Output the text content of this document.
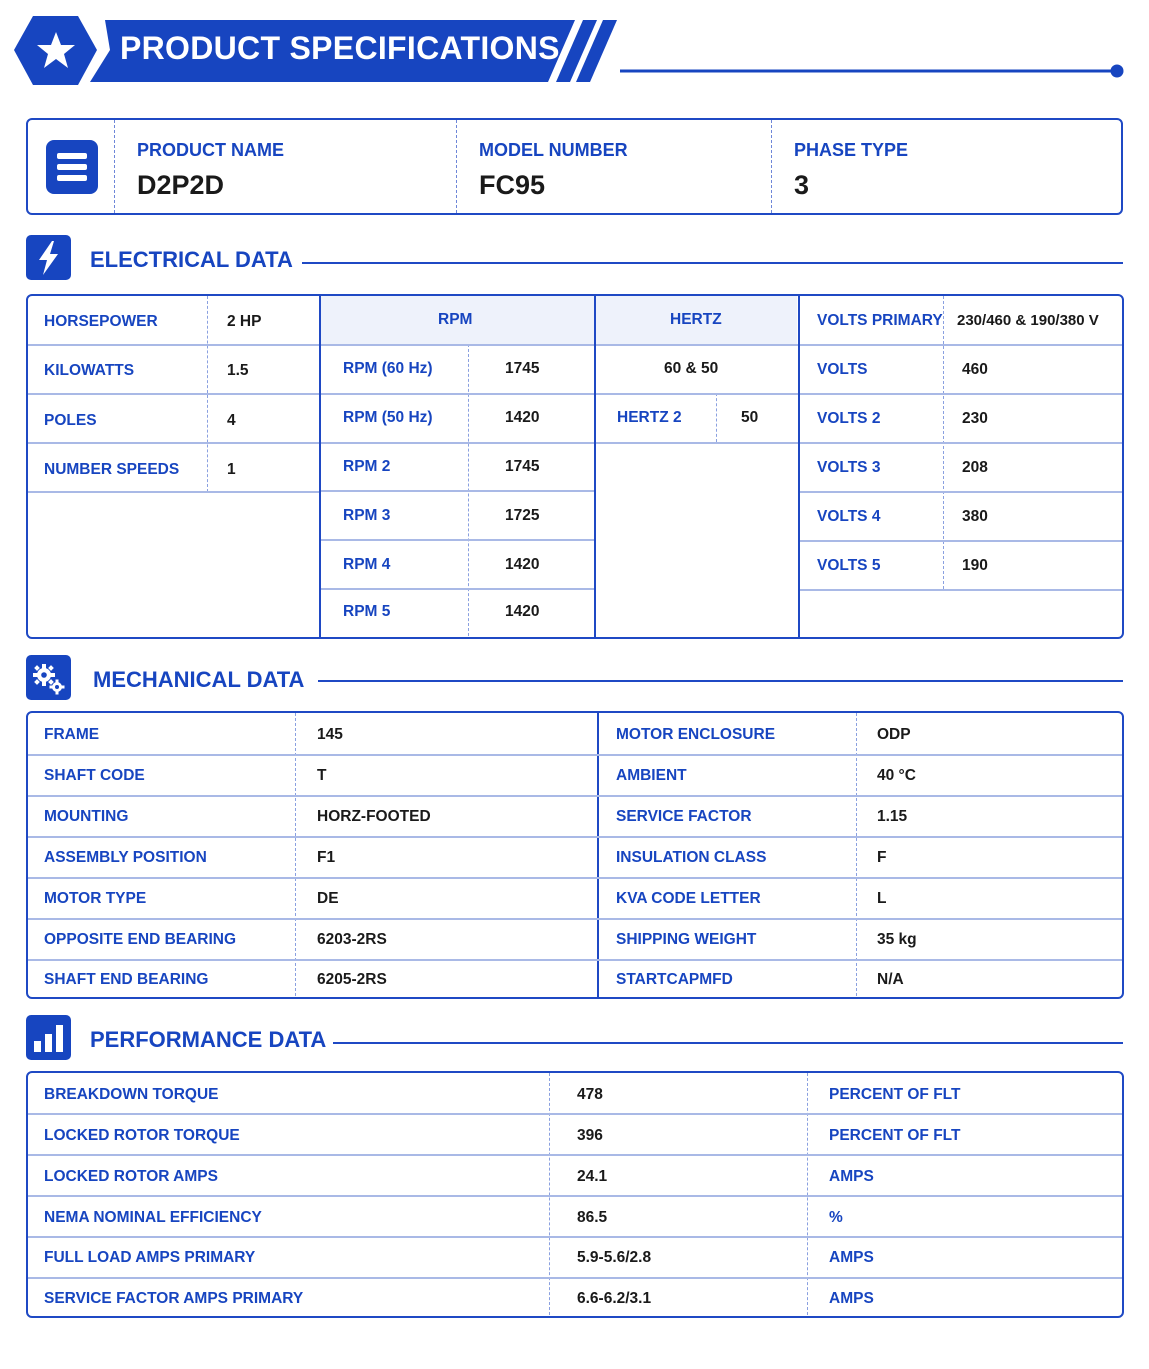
PRODUCT SPECIFICATIONS
PRODUCT NAME
D2P2D
MODEL NUMBER
FC95
PHASE TYPE
3
ELECTRICAL DATA
HORSEPOWER	2 HP
KILOWATTS	1.5
POLES	4
NUMBER SPEEDS	1
RPM
RPM (60 Hz)	1745
RPM (50 Hz)	1420
RPM 2	1745
RPM 3	1725
RPM 4	1420
RPM 5	1420
HERTZ
60 & 50
HERTZ 2	50
VOLTS PRIMARY 230/460 & 190/380 V
VOLTS	460
VOLTS 2	230
VOLTS 3	208
VOLTS 4	380
VOLTS 5	190
MECHANICAL DATA
FRAME	145	MOTOR ENCLOSURE	ODP
SHAFT CODE	T	AMBIENT	40 °C
MOUNTING	HORZ-FOOTED	SERVICE FACTOR	1.15
ASSEMBLY POSITION	F1	INSULATION CLASS	F
MOTOR TYPE	DE	KVA CODE LETTER	L
OPPOSITE END BEARING	6203-2RS	SHIPPING WEIGHT	35 kg
SHAFT END BEARING	6205-2RS	STARTCAPMFD	N/A
PERFORMANCE DATA
BREAKDOWN TORQUE	478	PERCENT OF FLT
LOCKED ROTOR TORQUE	396	PERCENT OF FLT
LOCKED ROTOR AMPS	24.1	AMPS
NEMA NOMINAL EFFICIENCY	86.5	%
FULL LOAD AMPS PRIMARY	5.9-5.6/2.8	AMPS
SERVICE FACTOR AMPS PRIMARY	6.6-6.2/3.1	AMPS
